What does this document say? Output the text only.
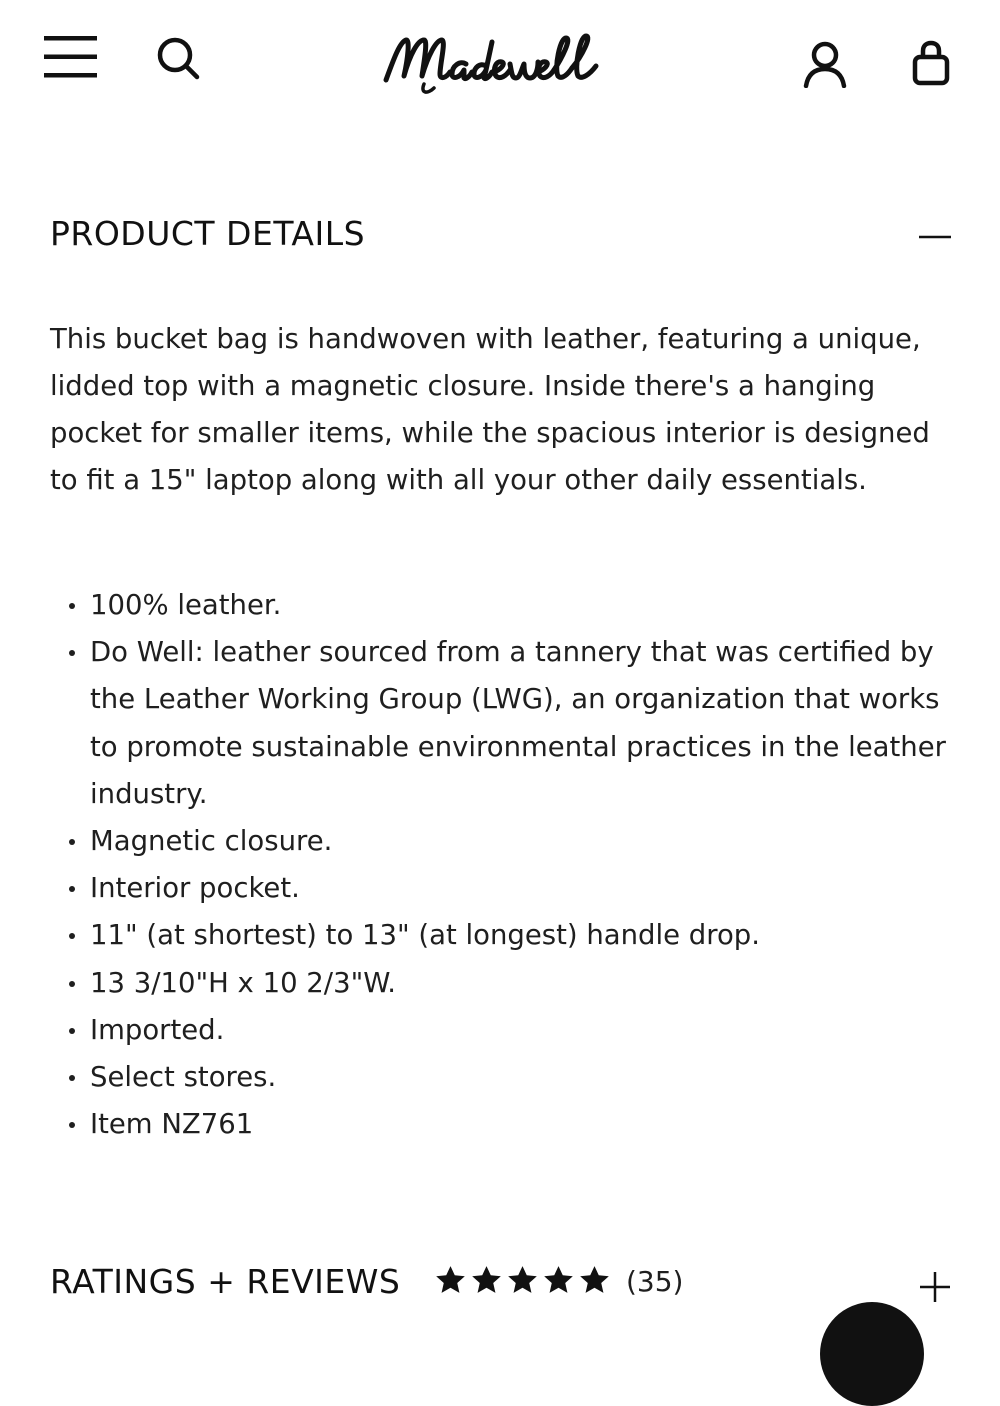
PRODUCT DETAILS

This bucket bag is handwoven with leather, featuring a unique, lidded top with a magnetic closure. Inside there's a hanging pocket for smaller items, while the spacious interior is designed to fit a 15" laptop along with all your other daily essentials.

100% leather.
Do Well: leather sourced from a tannery that was certified by the Leather Working Group (LWG), an organization that works to promote sustainable environmental practices in the leather industry.
Magnetic closure.
Interior pocket.
11" (at shortest) to 13" (at longest) handle drop.
13 3/10"H x 10 2/3"W.
Imported.
Select stores.
Item NZ761
RATINGS + REVIEWS	(35)
